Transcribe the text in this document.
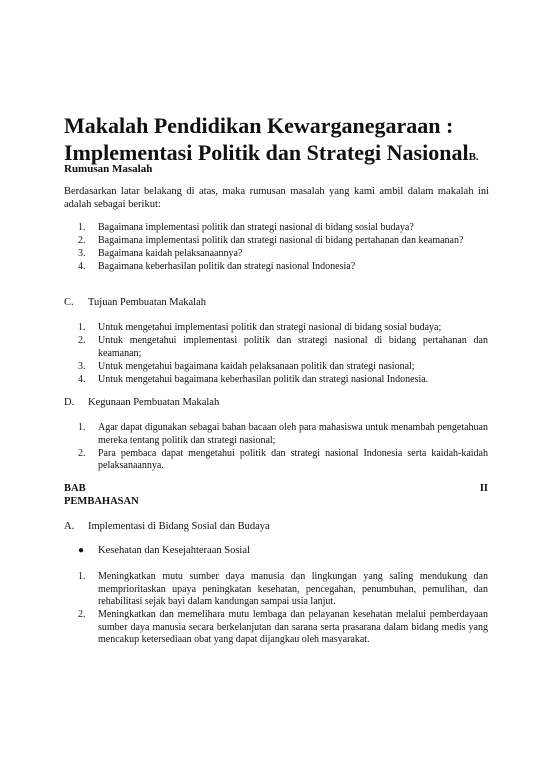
Makalah Pendidikan Kewarganegaraan : Implementasi Politik dan Strategi NasionalB.
Rumusan Masalah

Berdasarkan latar belakang di atas, maka rumusan masalah yang kami ambil dalam makalah ini adalah sebagai berikut:

1. Bagaimana implementasi politik dan strategi nasional di bidang sosial budaya?
2. Bagaimana implementasi politik dan strategi nasional di bidang pertahanan dan keamanan?
3. Bagaimana kaidah pelaksanaannya?
4. Bagaimana keberhasilan politik dan strategi nasional Indonesia?
C. Tujuan Pembuatan Makalah
1. Untuk mengetahui implementasi politik dan strategi nasional di bidang sosial budaya;
2. Untuk mengetahui implementasi politik dan strategi nasional di bidang pertahanan dan keamanan;
3. Untuk mengetahui bagaimana kaidah pelaksanaan politik dan strategi nasional;
4. Untuk mengetahui bagaimana keberhasilan politik dan strategi nasional Indonesia.
D. Kegunaan Pembuatan Makalah
1. Agar dapat digunakan sebagai bahan bacaan oleh para mahasiswa untuk menambah pengetahuan mereka tentang politik dan strategi nasional;
2. Para pembaca dapat mengetahui politik dan strategi nasional Indonesia serta kaidah-kaidah pelaksanaannya.
BAB	II
PEMBAHASAN
A. Implementasi di Bidang Sosial dan Budaya
● Kesehatan dan Kesejahteraan Sosial
1. Meningkatkan mutu sumber daya manusia dan lingkungan yang saling mendukung dan memprioritaskan upaya peningkatan kesehatan, pencegahan, penumbuhan, pemulihan, dan rehabilitasi sejak bayi dalam kandungan sampai usia lanjut.
2. Meningkatkan dan memelihara mutu lembaga dan pelayanan kesehatan melalui pemberdayaan sumber daya manusia secara berkelanjutan dan sarana serta prasarana dalam bidang medis yang mencakup ketersediaan obat yang dapat dijangkau oleh masyarakat.
